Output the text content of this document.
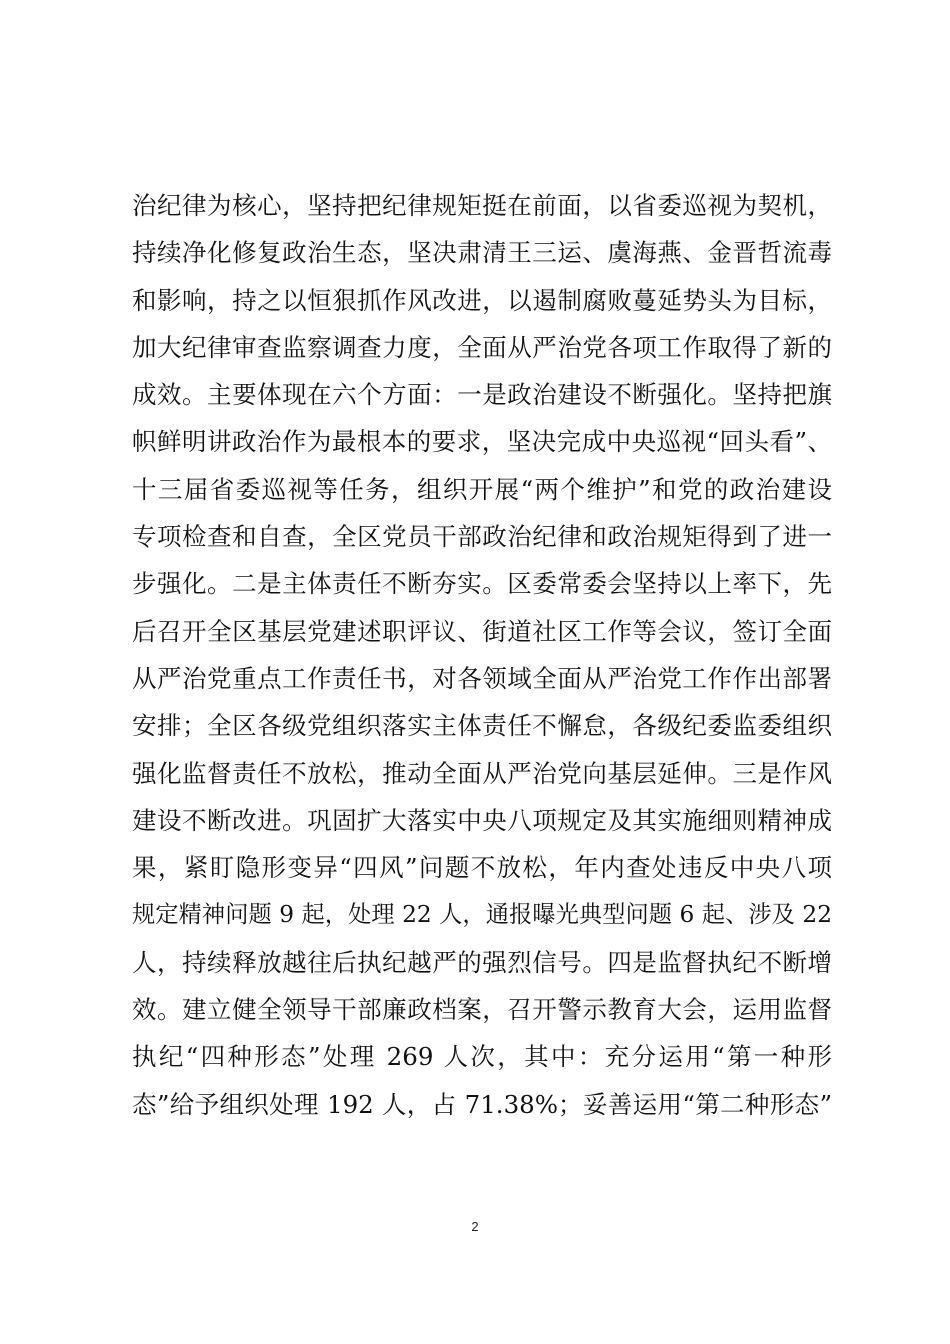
治纪律为核心，坚持把纪律规矩挺在前面，以省委巡视为契机，
持续净化修复政治生态，坚决肃清王三运、虞海燕、金晋哲流毒
和影响，持之以恒狠抓作风改进，以遏制腐败蔓延势头为目标，
加大纪律审查监察调查力度，全面从严治党各项工作取得了新的
成效。主要体现在六个方面：一是政治建设不断强化。坚持把旗
帜鲜明讲政治作为最根本的要求，坚决完成中央巡视“回头看”、
十三届省委巡视等任务，组织开展“两个维护”和党的政治建设
专项检查和自查，全区党员干部政治纪律和政治规矩得到了进一
步强化。二是主体责任不断夯实。区委常委会坚持以上率下，先
后召开全区基层党建述职评议、街道社区工作等会议，签订全面
从严治党重点工作责任书，对各领域全面从严治党工作作出部署
安排；全区各级党组织落实主体责任不懈怠，各级纪委监委组织
强化监督责任不放松，推动全面从严治党向基层延伸。三是作风
建设不断改进。巩固扩大落实中央八项规定及其实施细则精神成
果，紧盯隐形变异“四风”问题不放松，年内查处违反中央八项
规定精神问题 9 起，处理 22 人，通报曝光典型问题 6 起、涉及 22
人，持续释放越往后执纪越严的强烈信号。四是监督执纪不断增
效。建立健全领导干部廉政档案，召开警示教育大会，运用监督
执纪“四种形态”处理 269 人次，其中：充分运用“第一种形
态”给予组织处理 192 人，占 71.38%；妥善运用“第二种形态”
2
